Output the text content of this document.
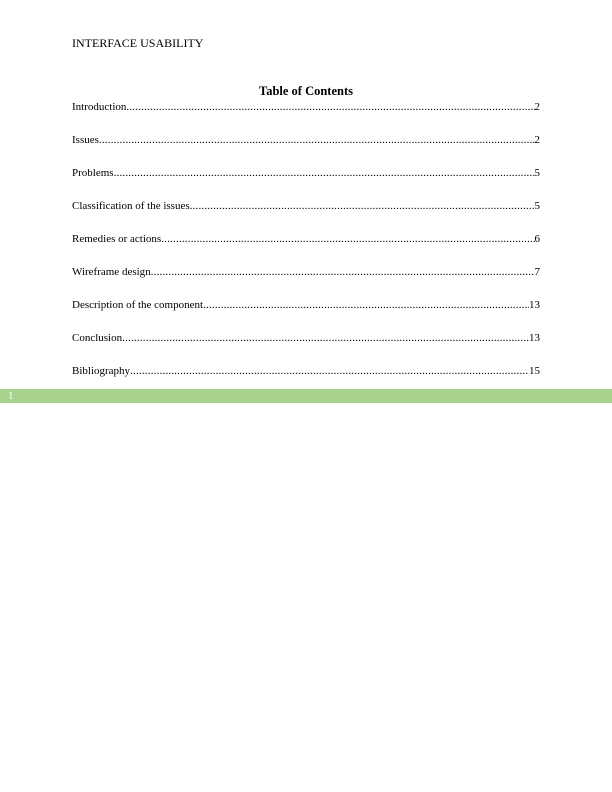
INTERFACE USABILITY
Table of Contents
Introduction .....	2
Issues .....	2
Problems .....	5
Classification of the issues .....	5
Remedies or actions .....	6
Wireframe design .....	7
Description of the component .....	13
Conclusion .....	13
Bibliography .....	15
1
